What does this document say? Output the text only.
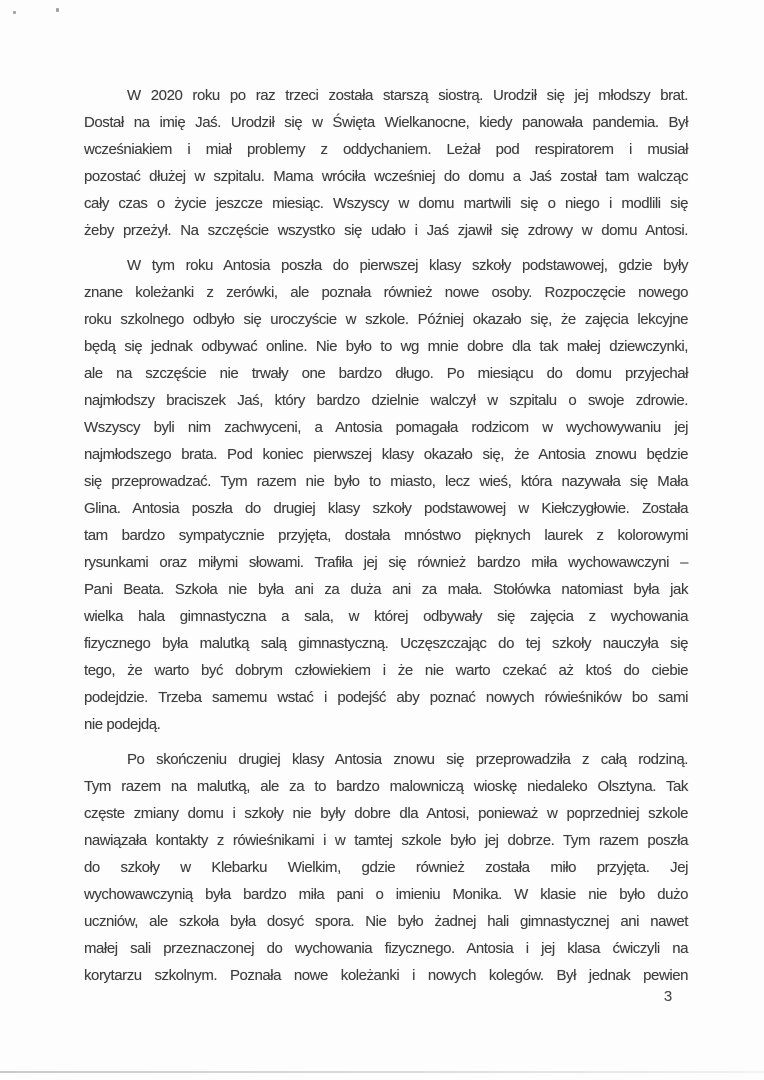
W 2020 roku po raz trzeci została starszą siostrą. Urodził się jej młodszy brat.
Dostał na imię Jaś. Urodził się w Święta Wielkanocne, kiedy panowała pandemia. Był
wcześniakiem i miał problemy z oddychaniem. Leżał pod respiratorem i musiał
pozostać dłużej w szpitalu. Mama wróciła wcześniej do domu a Jaś został tam walcząc
cały czas o życie jeszcze miesiąc. Wszyscy w domu martwili się o niego i modlili się
żeby przeżył. Na szczęście wszystko się udało i Jaś zjawił się zdrowy w domu Antosi.
W tym roku Antosia poszła do pierwszej klasy szkoły podstawowej, gdzie były
znane koleżanki z zerówki, ale poznała również nowe osoby. Rozpoczęcie nowego
roku szkolnego odbyło się uroczyście w szkole. Później okazało się, że zajęcia lekcyjne
będą się jednak odbywać online. Nie było to wg mnie dobre dla tak małej dziewczynki,
ale na szczęście nie trwały one bardzo długo. Po miesiącu do domu przyjechał
najmłodszy braciszek Jaś, który bardzo dzielnie walczył w szpitalu o swoje zdrowie.
Wszyscy byli nim zachwyceni, a Antosia pomagała rodzicom w wychowywaniu jej
najmłodszego brata. Pod koniec pierwszej klasy okazało się, że Antosia znowu będzie
się przeprowadzać. Tym razem nie było to miasto, lecz wieś, która nazywała się Mała
Glina. Antosia poszła do drugiej klasy szkoły podstawowej w Kiełczygłowie. Została
tam bardzo sympatycznie przyjęta, dostała mnóstwo pięknych laurek z kolorowymi
rysunkami oraz miłymi słowami. Trafiła jej się również bardzo miła wychowawczyni –
Pani Beata. Szkoła nie była ani za duża ani za mała. Stołówka natomiast była jak
wielka hala gimnastyczna a sala, w której odbywały się zajęcia z wychowania
fizycznego była malutką salą gimnastyczną. Uczęszczając do tej szkoły nauczyła się
tego, że warto być dobrym człowiekiem i że nie warto czekać aż ktoś do ciebie
podejdzie. Trzeba samemu wstać i podejść aby poznać nowych rówieśników bo sami
nie podejdą.
Po skończeniu drugiej klasy Antosia znowu się przeprowadziła z całą rodziną.
Tym razem na malutką, ale za to bardzo malowniczą wioskę niedaleko Olsztyna. Tak
częste zmiany domu i szkoły nie były dobre dla Antosi, ponieważ w poprzedniej szkole
nawiązała kontakty z rówieśnikami i w tamtej szkole było jej dobrze. Tym razem poszła
do szkoły w Klebarku Wielkim, gdzie również została miło przyjęta. Jej
wychowawczynią była bardzo miła pani o imieniu Monika. W klasie nie było dużo
uczniów, ale szkoła była dosyć spora. Nie było żadnej hali gimnastycznej ani nawet
małej sali przeznaczonej do wychowania fizycznego. Antosia i jej klasa ćwiczyli na
korytarzu szkolnym. Poznała nowe koleżanki i nowych kolegów. Był jednak pewien
3
